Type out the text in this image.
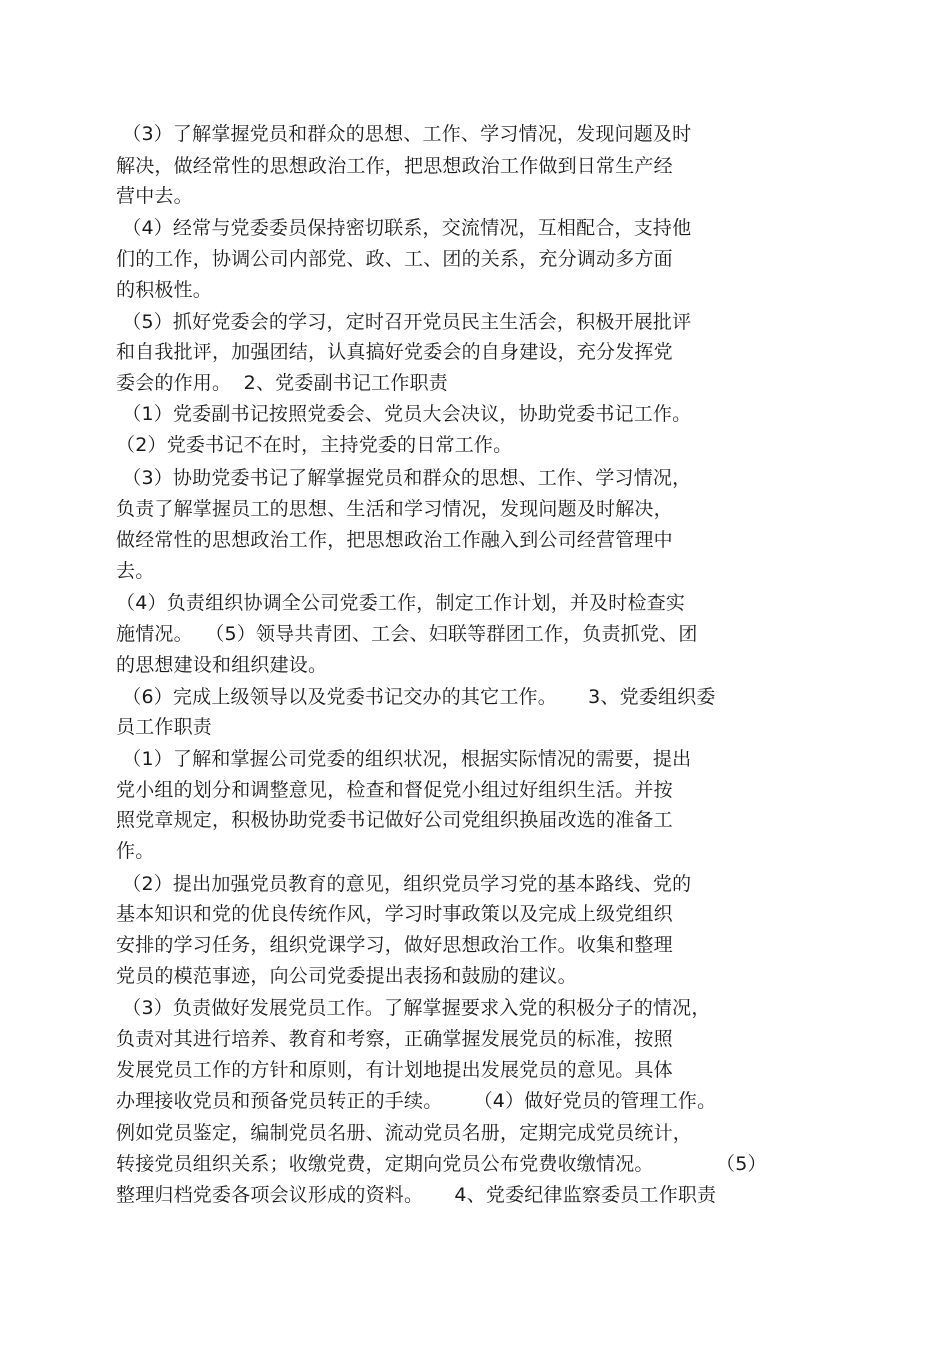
（3）了解掌握党员和群众的思想、工作、学习情况，发现问题及时
解决，做经常性的思想政治工作，把思想政治工作做到日常生产经
营中去。
（4）经常与党委委员保持密切联系，交流情况，互相配合，支持他
们的工作，协调公司内部党、政、工、团的关系，充分调动多方面
的积极性。
（5）抓好党委会的学习，定时召开党员民主生活会，积极开展批评
和自我批评，加强团结，认真搞好党委会的自身建设，充分发挥党
委会的作用。  2、党委副书记工作职责
（1）党委副书记按照党委会、党员大会决议，协助党委书记工作。
（2）党委书记不在时，主持党委的日常工作。
（3）协助党委书记了解掌握党员和群众的思想、工作、学习情况，
负责了解掌握员工的思想、生活和学习情况，发现问题及时解决，
做经常性的思想政治工作，把思想政治工作融入到公司经营管理中
去。
（4）负责组织协调全公司党委工作，制定工作计划，并及时检查实
施情况。  （5）领导共青团、工会、妇联等群团工作，负责抓党、团
的思想建设和组织建设。
（6）完成上级领导以及党委书记交办的其它工作。     3、党委组织委
员工作职责
（1）了解和掌握公司党委的组织状况，根据实际情况的需要，提出
党小组的划分和调整意见，检查和督促党小组过好组织生活。并按
照党章规定，积极协助党委书记做好公司党组织换届改选的准备工
作。
（2）提出加强党员教育的意见，组织党员学习党的基本路线、党的
基本知识和党的优良传统作风，学习时事政策以及完成上级党组织
安排的学习任务，组织党课学习，做好思想政治工作。收集和整理
党员的模范事迹，向公司党委提出表扬和鼓励的建议。
（3）负责做好发展党员工作。了解掌握要求入党的积极分子的情况，
负责对其进行培养、教育和考察，正确掌握发展党员的标准，按照
发展党员工作的方针和原则，有计划地提出发展党员的意见。具体
办理接收党员和预备党员转正的手续。     （4）做好党员的管理工作。
例如党员鉴定，编制党员名册、流动党员名册，定期完成党员统计，
转接党员组织关系；收缴党费，定期向党员公布党费收缴情况。          （5）
整理归档党委各项会议形成的资料。     4、党委纪律监察委员工作职责
